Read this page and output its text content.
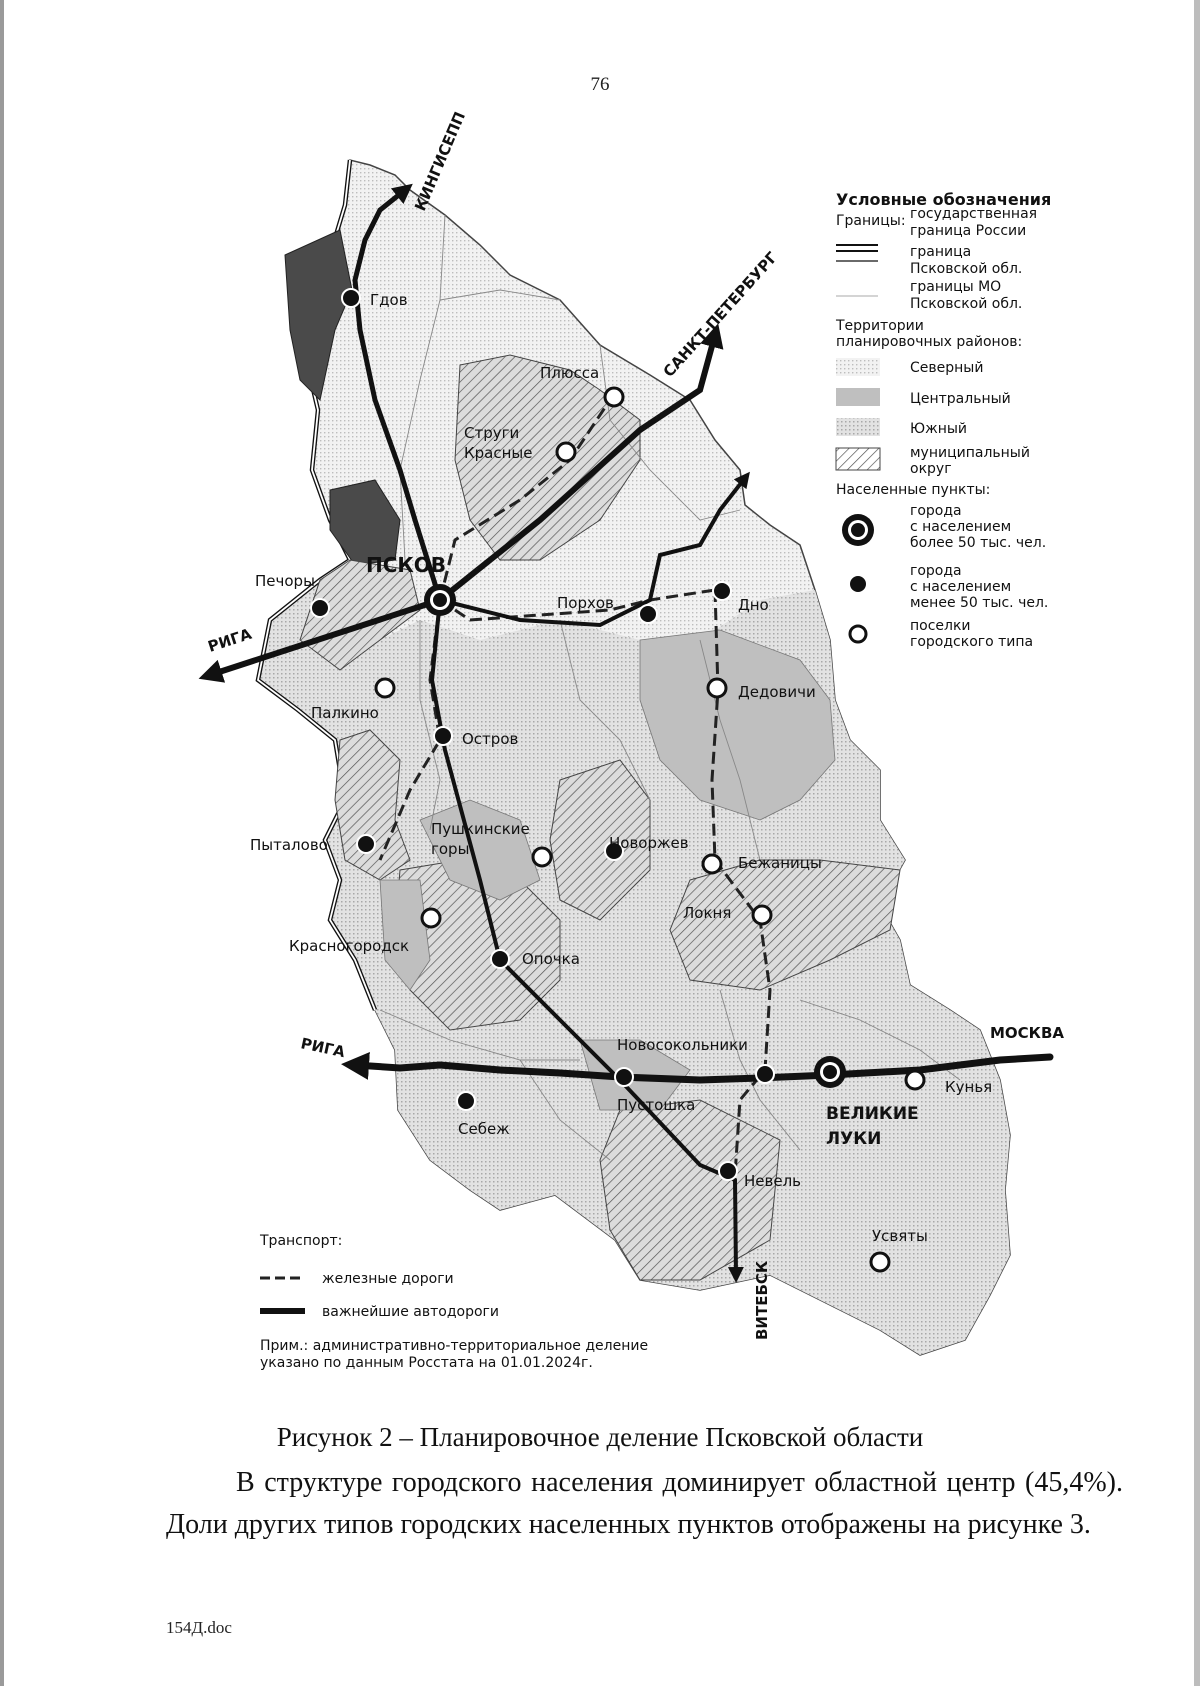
76
Гдов
Плюсса
Струги
Красные
ПСКОВ
Печоры
Порхов	Дно
Палкино
Дедовичи
Остров
Пыталово
Пушкинские
горы	Новоржев
Бежаницы
Локня
Красногородск
Опочка
Новосокольники
Пустошка
Себеж
ВЕЛИКИЕ
ЛУКИ
Кунья
Невель
Усвяты
КИНГИСЕПП
САНКТ-ПЕТЕРБУРГ
РИГА
РИГА
МОСКВА
ВИТЕБСК
Условные обозначения
Границы: государственная
граница России
граница
Псковской обл.
границы МО
Псковской обл.
Территории
планировочных районов:
Северный
Центральный
Южный
муниципальный
округ
Населенные пункты:
города
с населением
более 50 тыс. чел.
города
с населением
менее 50 тыс. чел.
поселки
городского типа
Транспорт:
железные дороги
важнейшие автодороги
Прим.: административно-территориальное деление
указано по данным Росстата на 01.01.2024г.
Рисунок 2 – Планировочное деление Псковской области

В структуре городского населения доминирует областной центр (45,4%). Доли других типов городских населенных пунктов отображены на рисунке 3.

154Д.doc
